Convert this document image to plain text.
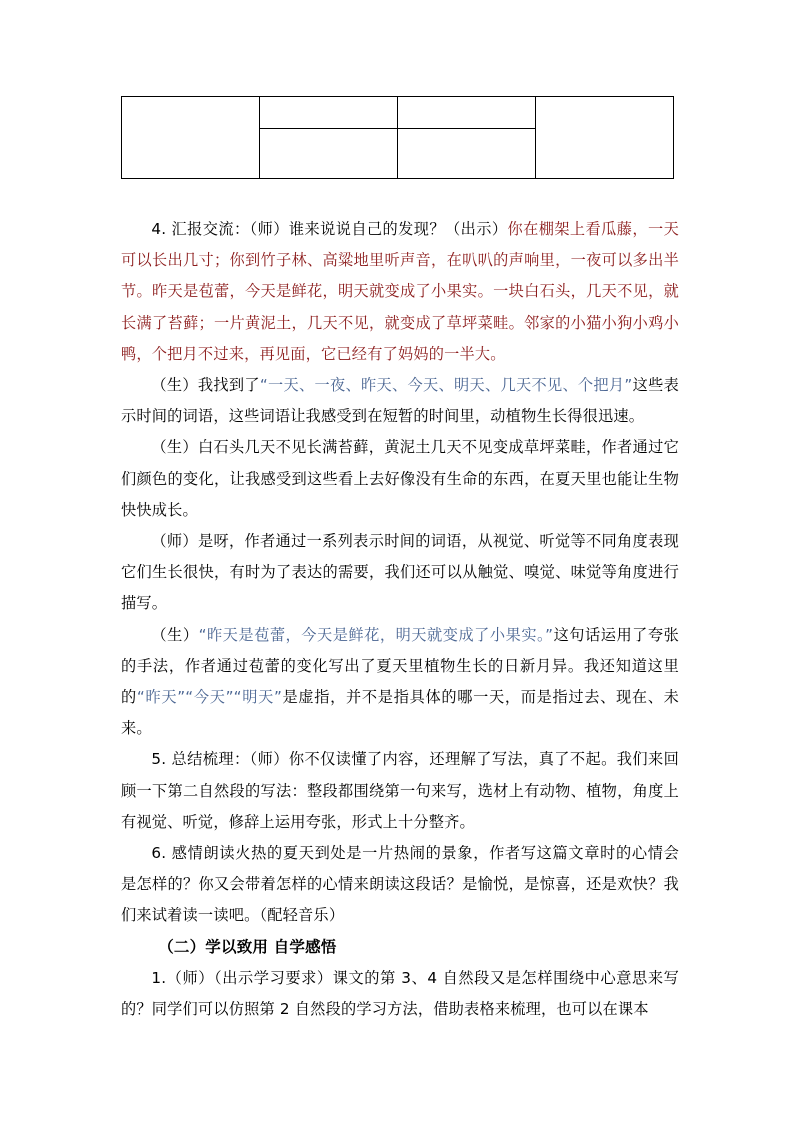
4. 汇报交流：（师）谁来说说自己的发现？（出示）你在棚架上看瓜藤，一天可以长出几寸；你到竹子林、高粱地里听声音，在叭叭的声响里，一夜可以多出半节。昨天是苞蕾，今天是鲜花，明天就变成了小果实。一块白石头，几天不见，就长满了苔藓；一片黄泥土，几天不见，就变成了草坪菜畦。邻家的小猫小狗小鸡小鸭，个把月不过来，再见面，它已经有了妈妈的一半大。

（生）我找到了“一天、一夜、昨天、今天、明天、几天不见、个把月”这些表示时间的词语，这些词语让我感受到在短暂的时间里，动植物生长得很迅速。

（生）白石头几天不见长满苔藓，黄泥土几天不见变成草坪菜畦，作者通过它们颜色的变化，让我感受到这些看上去好像没有生命的东西，在夏天里也能让生物快快成长。

（师）是呀，作者通过一系列表示时间的词语，从视觉、听觉等不同角度表现它们生长很快，有时为了表达的需要，我们还可以从触觉、嗅觉、味觉等角度进行描写。

（生）“昨天是苞蕾，今天是鲜花，明天就变成了小果实。”这句话运用了夸张的手法，作者通过苞蕾的变化写出了夏天里植物生长的日新月异。我还知道这里的“昨天”“今天”“明天”是虚指，并不是指具体的哪一天，而是指过去、现在、未来。

5. 总结梳理：（师）你不仅读懂了内容，还理解了写法，真了不起。我们来回顾一下第二自然段的写法：整段都围绕第一句来写，选材上有动物、植物，角度上有视觉、听觉，修辞上运用夸张，形式上十分整齐。

6. 感情朗读火热的夏天到处是一片热闹的景象，作者写这篇文章时的心情会是怎样的？你又会带着怎样的心情来朗读这段话？是愉悦，是惊喜，还是欢快？我们来试着读一读吧。（配轻音乐）

（二）学以致用 自学感悟

1.（师）（出示学习要求）课文的第 3、4 自然段又是怎样围绕中心意思来写的？同学们可以仿照第 2 自然段的学习方法，借助表格来梳理，也可以在课本
